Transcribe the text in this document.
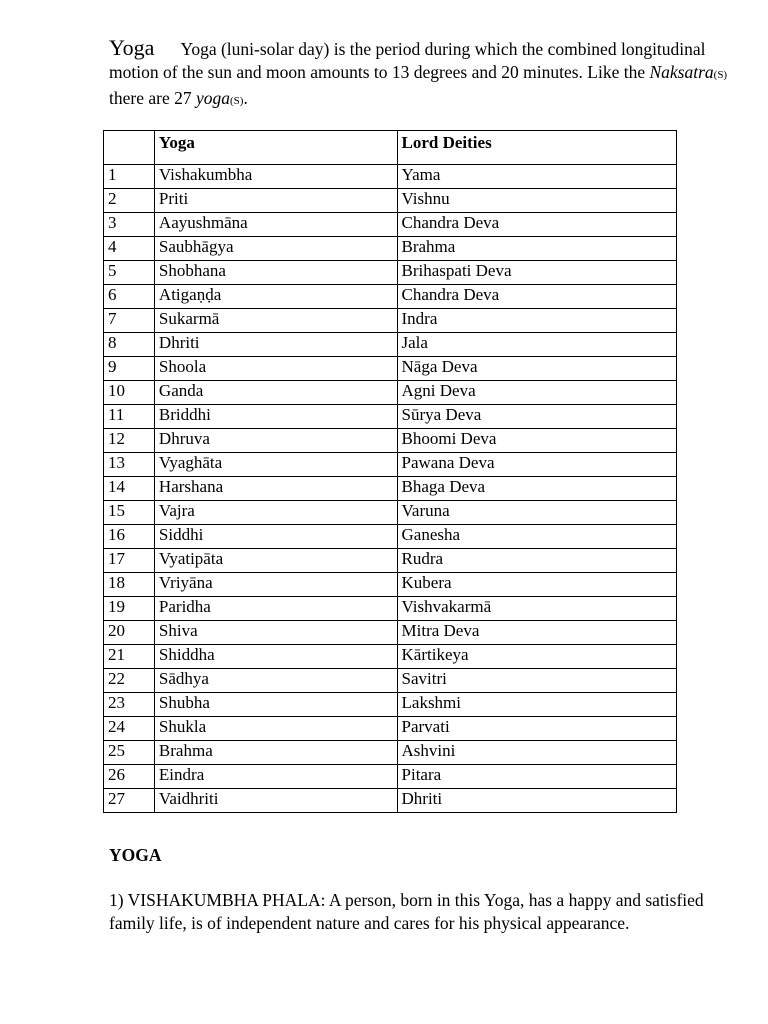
Yoga Yoga (luni-solar day) is the period during which the combined longitudinal motion of the sun and moon amounts to 13 degrees and 20 minutes. Like the Naksatra(S) there are 27 yoga(S).
	Yoga	Lord Deities
1	Vishakumbha	Yama
2	Priti	Vishnu
3	Aayushmāna	Chandra Deva
4	Saubhāgya	Brahma
5	Shobhana	Brihaspati Deva
6	Atigaṇḍa	Chandra Deva
7	Sukarmā	Indra
8	Dhriti	Jala
9	Shoola	Nāga Deva
10	Ganda	Agni Deva
11	Briddhi	Sūrya Deva
12	Dhruva	Bhoomi Deva
13	Vyaghāta	Pawana Deva
14	Harshana	Bhaga Deva
15	Vajra	Varuna
16	Siddhi	Ganesha
17	Vyatipāta	Rudra
18	Vriyāna	Kubera
19	Paridha	Vishvakarmā
20	Shiva	Mitra Deva
21	Shiddha	Kārtikeya
22	Sādhya	Savitri
23	Shubha	Lakshmi
24	Shukla	Parvati
25	Brahma	Ashvini
26	Eindra	Pitara
27	Vaidhriti	Dhriti
YOGA
1) VISHAKUMBHA PHALA: A person, born in this Yoga, has a happy and satisfied family life, is of independent nature and cares for his physical appearance.
